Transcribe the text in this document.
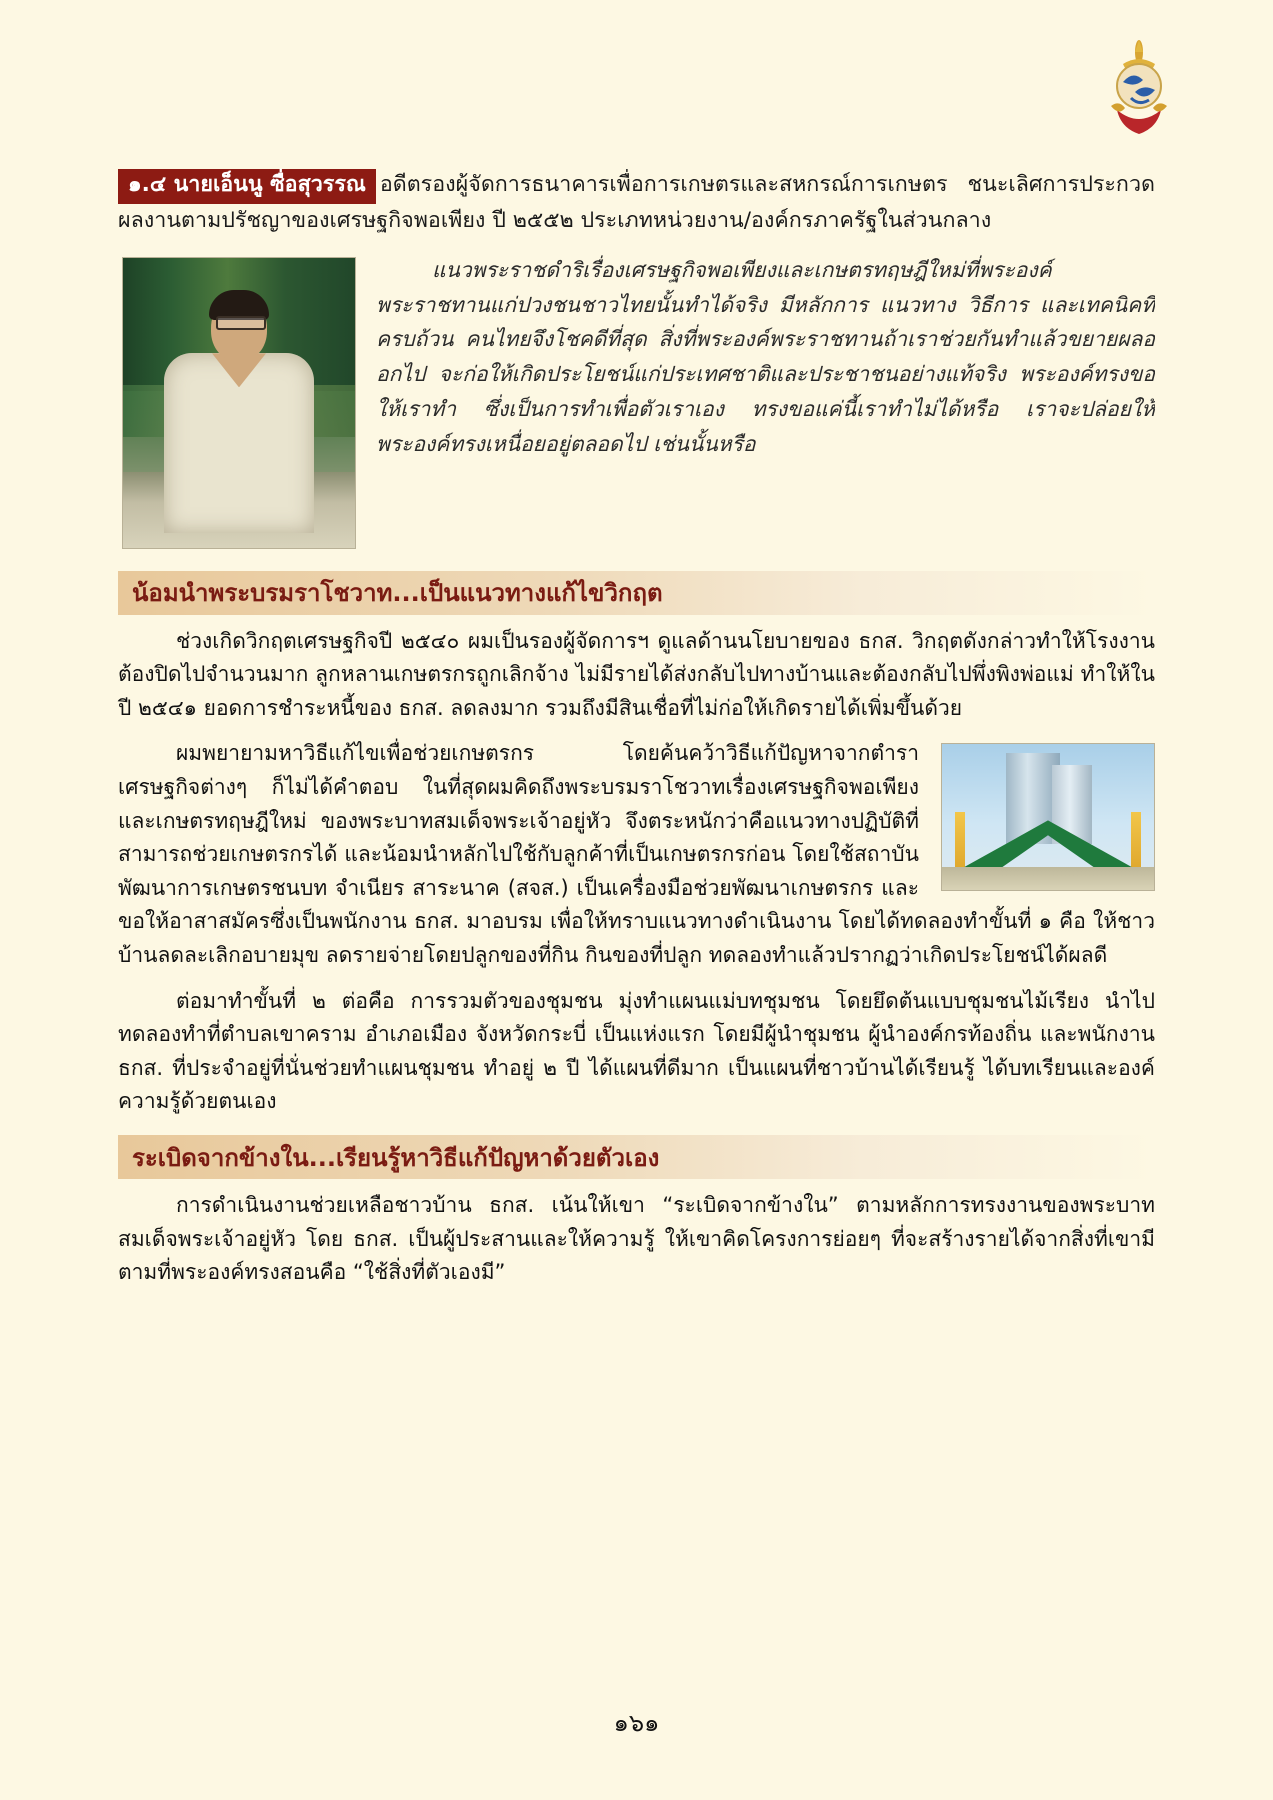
๑.๔ นายเอ็นนู ซื่อสุวรรณ อดีตรองผู้จัดการธนาคารเพื่อการเกษตรและสหกรณ์การเกษตร ชนะเลิศการประกวดผลงานตามปรัชญาของเศรษฐกิจพอเพียง ปี ๒๕๕๒ ประเภทหน่วยงาน/องค์กรภาครัฐในส่วนกลาง
แนวพระราชดำริเรื่องเศรษฐกิจพอเพียงและเกษตรทฤษฎีใหม่ที่พระองค์พระราชทานแก่ปวงชนชาวไทยนั้นทำได้จริง มีหลักการ แนวทาง วิธีการ และเทคนิคที่ครบถ้วน คนไทยจึงโชคดีที่สุด สิ่งที่พระองค์พระราชทานถ้าเราช่วยกันทำแล้วขยายผลออกไป จะก่อให้เกิดประโยชน์แก่ประเทศชาติและประชาชนอย่างแท้จริง พระองค์ทรงขอให้เราทำ ซึ่งเป็นการทำเพื่อตัวเราเอง ทรงขอแค่นี้เราทำไม่ได้หรือ เราจะปล่อยให้พระองค์ทรงเหนื่อยอยู่ตลอดไป เช่นนั้นหรือ
น้อมนำพระบรมราโชวาท... เป็นแนวทางแก้ไขวิกฤต

ช่วงเกิดวิกฤตเศรษฐกิจปี ๒๕๔๐ ผมเป็นรองผู้จัดการฯ ดูแลด้านนโยบายของ ธกส. วิกฤตดังกล่าวทำให้โรงงานต้องปิดไปจำนวนมาก ลูกหลานเกษตรกรถูกเลิกจ้าง ไม่มีรายได้ส่งกลับไปทางบ้านและต้องกลับไปพึ่งพิงพ่อแม่ ทำให้ในปี ๒๕๔๑ ยอดการชำระหนี้ของ ธกส. ลดลงมาก รวมถึงมีสินเชื่อที่ไม่ก่อให้เกิดรายได้เพิ่มขึ้นด้วย

ผมพยายามหาวิธีแก้ไขเพื่อช่วยเกษตรกร โดยค้นคว้าวิธีแก้ปัญหาจากตำราเศรษฐกิจต่างๆ ก็ไม่ได้คำตอบ ในที่สุดผมคิดถึงพระบรมราโชวาทเรื่องเศรษฐกิจพอเพียง และเกษตรทฤษฎีใหม่ ของพระบาทสมเด็จพระเจ้าอยู่หัว จึงตระหนักว่าคือแนวทางปฏิบัติที่สามารถช่วยเกษตรกรได้ และน้อมนำหลักไปใช้กับลูกค้าที่เป็นเกษตรกรก่อน โดยใช้สถาบันพัฒนาการเกษตรชนบท จำเนียร สาระนาค (สจส.) เป็นเครื่องมือช่วยพัฒนาเกษตรกร และขอให้อาสาสมัครซึ่งเป็นพนักงาน ธกส. มาอบรม เพื่อให้ทราบแนวทางดำเนินงาน โดยได้ทดลองทำขั้นที่ ๑ คือ ให้ชาวบ้านลดละเลิกอบายมุข ลดรายจ่ายโดยปลูกของที่กิน กินของที่ปลูก ทดลองทำแล้วปรากฏว่าเกิดประโยชน์ได้ผลดี

ต่อมาทำขั้นที่ ๒ ต่อคือ การรวมตัวของชุมชน มุ่งทำแผนแม่บทชุมชน โดยยึดต้นแบบชุมชนไม้เรียง นำไปทดลองทำที่ตำบลเขาคราม อำเภอเมือง จังหวัดกระบี่ เป็นแห่งแรก โดยมีผู้นำชุมชน ผู้นำองค์กรท้องถิ่น และพนักงาน ธกส. ที่ประจำอยู่ที่นั่นช่วยทำแผนชุมชน ทำอยู่ ๒ ปี ได้แผนที่ดีมาก เป็นแผนที่ชาวบ้านได้เรียนรู้ ได้บทเรียนและองค์ความรู้ด้วยตนเอง

ระเบิดจากข้างใน... เรียนรู้หาวิธีแก้ปัญหาด้วยตัวเอง

การดำเนินงานช่วยเหลือชาวบ้าน ธกส. เน้นให้เขา “ระเบิดจากข้างใน” ตามหลักการทรงงานของพระบาทสมเด็จพระเจ้าอยู่หัว โดย ธกส. เป็นผู้ประสานและให้ความรู้ ให้เขาคิดโครงการย่อยๆ ที่จะสร้างรายได้จากสิ่งที่เขามี ตามที่พระองค์ทรงสอนคือ “ใช้สิ่งที่ตัวเองมี”

๑๖๑
